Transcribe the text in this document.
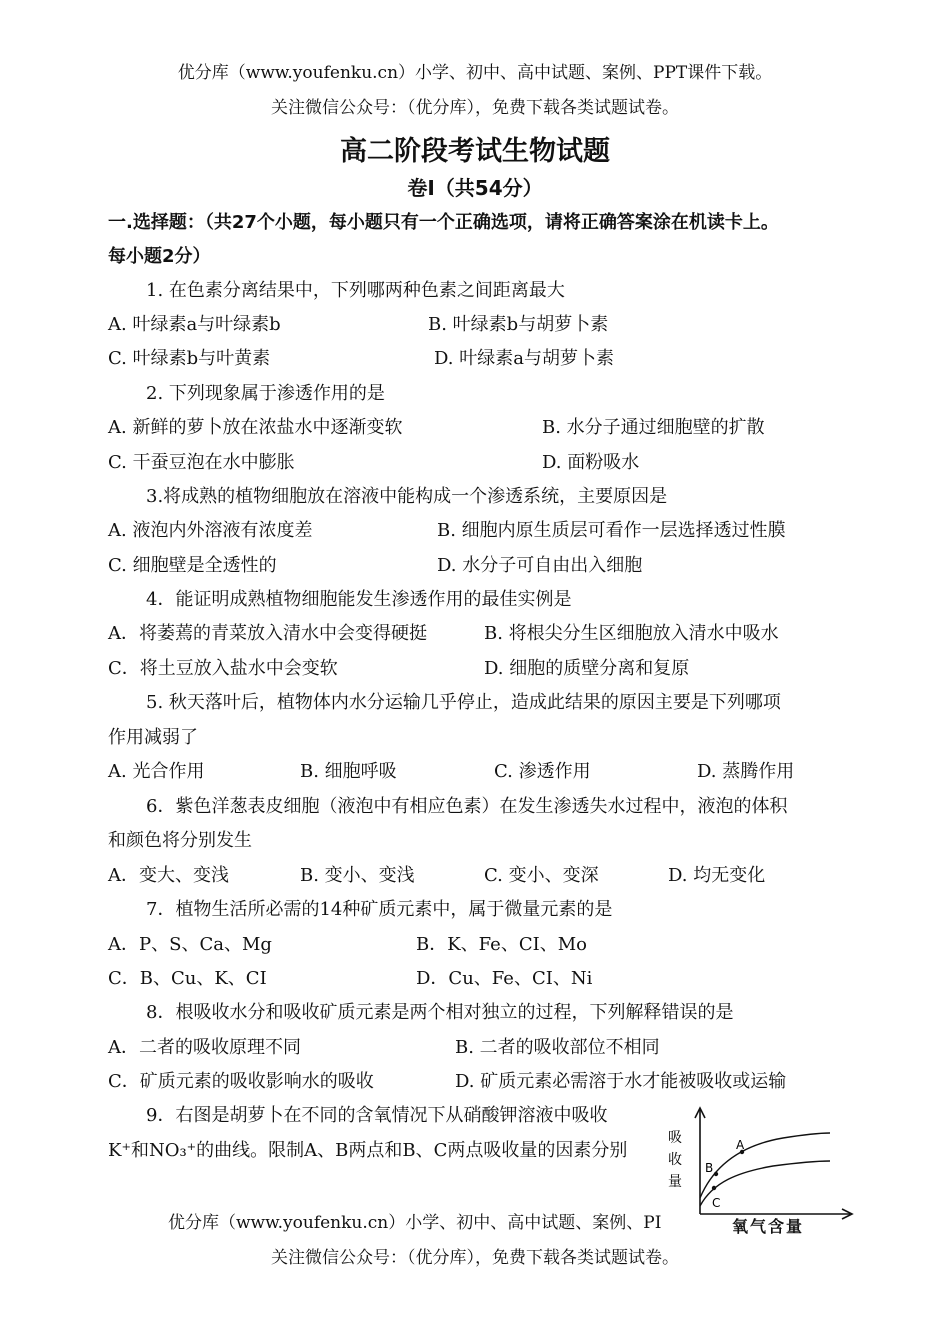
优分库（www.youfenku.cn）小学、初中、高中试题、案例、PPT课件下载。
关注微信公众号：（优分库），免费下载各类试题试卷。
高二阶段考试生物试题
卷Ⅰ（共54分）
一.选择题：（共27个小题，每小题只有一个正确选项，请将正确答案涂在机读卡上。
每小题2分）
1. 在色素分离结果中，下列哪两种色素之间距离最大
A. 叶绿素a与叶绿素b	B. 叶绿素b与胡萝卜素
C. 叶绿素b与叶黄素	D. 叶绿素a与胡萝卜素
2. 下列现象属于渗透作用的是
A. 新鲜的萝卜放在浓盐水中逐渐变软	B. 水分子通过细胞壁的扩散
C. 干蚕豆泡在水中膨胀	D. 面粉吸水
3.将成熟的植物细胞放在溶液中能构成一个渗透系统，主要原因是
A. 液泡内外溶液有浓度差	B. 细胞内原生质层可看作一层选择透过性膜
C. 细胞壁是全透性的	D. 水分子可自由出入细胞
4．能证明成熟植物细胞能发生渗透作用的最佳实例是
A．将萎蔫的青菜放入清水中会变得硬挺	B. 将根尖分生区细胞放入清水中吸水
C．将土豆放入盐水中会变软	D. 细胞的质壁分离和复原
5. 秋天落叶后，植物体内水分运输几乎停止，造成此结果的原因主要是下列哪项
作用减弱了
A. 光合作用	B. 细胞呼吸	C. 渗透作用	D. 蒸腾作用
6．紫色洋葱表皮细胞（液泡中有相应色素）在发生渗透失水过程中，液泡的体积
和颜色将分别发生
A．变大、变浅	B. 变小、变浅	C. 变小、变深	D. 均无变化
7．植物生活所必需的14种矿质元素中，属于微量元素的是
A．P、S、Ca、Mg	B．K、Fe、CI、Mo
C．B、Cu、K、CI	D．Cu、Fe、CI、Ni
8．根吸收水分和吸收矿质元素是两个相对独立的过程，下列解释错误的是
A．二者的吸收原理不同	B. 二者的吸收部位不相同
C．矿质元素的吸收影响水的吸收	D. 矿质元素必需溶于水才能被吸收或运输
9．右图是胡萝卜在不同的含氧情况下从硝酸钾溶液中吸收
K⁺和NO₃⁺的曲线。限制A、B两点和B、C两点吸收量的因素分别
吸
收
量
A
B
C
氧气含量
优分库（www.youfenku.cn）小学、初中、高中试题、案例、PI
关注微信公众号：（优分库），免费下载各类试题试卷。
